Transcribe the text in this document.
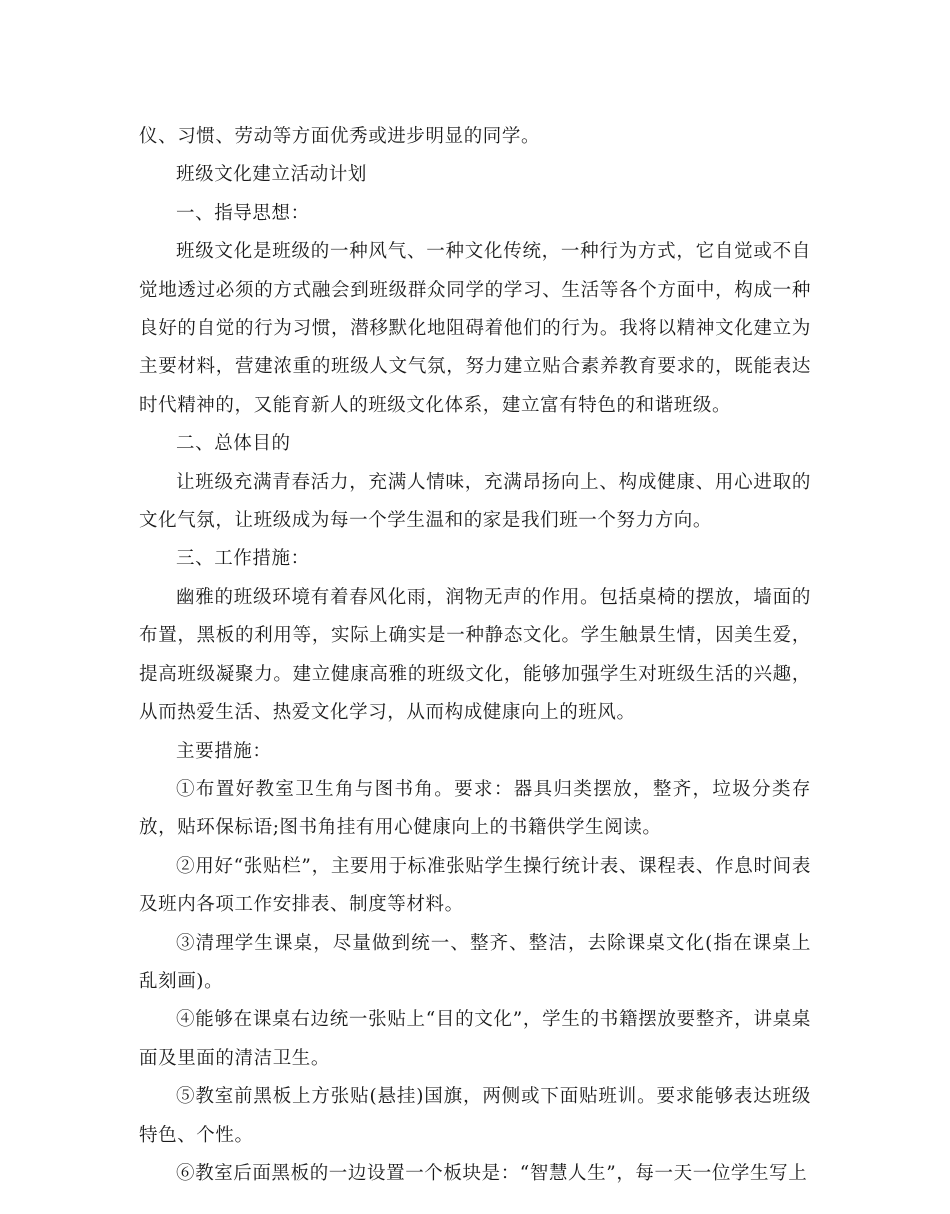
仪、习惯、劳动等方面优秀或进步明显的同学。

班级文化建立活动计划

一、指导思想：

班级文化是班级的一种风气、一种文化传统，一种行为方式，它自觉或不自觉地透过必须的方式融会到班级群众同学的学习、生活等各个方面中，构成一种良好的自觉的行为习惯，潜移默化地阻碍着他们的行为。我将以精神文化建立为主要材料，营建浓重的班级人文气氛，努力建立贴合素养教育要求的，既能表达时代精神的，又能育新人的班级文化体系，建立富有特色的和谐班级。

二、总体目的

让班级充满青春活力，充满人情味，充满昂扬向上、构成健康、用心进取的文化气氛，让班级成为每一个学生温和的家是我们班一个努力方向。

三、工作措施：

幽雅的班级环境有着春风化雨，润物无声的作用。包括桌椅的摆放，墙面的布置，黑板的利用等，实际上确实是一种静态文化。学生触景生情，因美生爱，提高班级凝聚力。建立健康高雅的班级文化，能够加强学生对班级生活的兴趣，从而热爱生活、热爱文化学习，从而构成健康向上的班风。

主要措施：

①布置好教室卫生角与图书角。要求：器具归类摆放，整齐，垃圾分类存放，贴环保标语;图书角挂有用心健康向上的书籍供学生阅读。

②用好“张贴栏”，主要用于标准张贴学生操行统计表、课程表、作息时间表及班内各项工作安排表、制度等材料。

③清理学生课桌，尽量做到统一、整齐、整洁，去除课桌文化(指在课桌上乱刻画)。

④能够在课桌右边统一张贴上“目的文化”，学生的书籍摆放要整齐，讲桌桌面及里面的清洁卫生。

⑤教室前黑板上方张贴(悬挂)国旗，两侧或下面贴班训。要求能够表达班级特色、个性。

⑥教室后面黑板的一边设置一个板块是：“智慧人生”，每一天一位学生写上
